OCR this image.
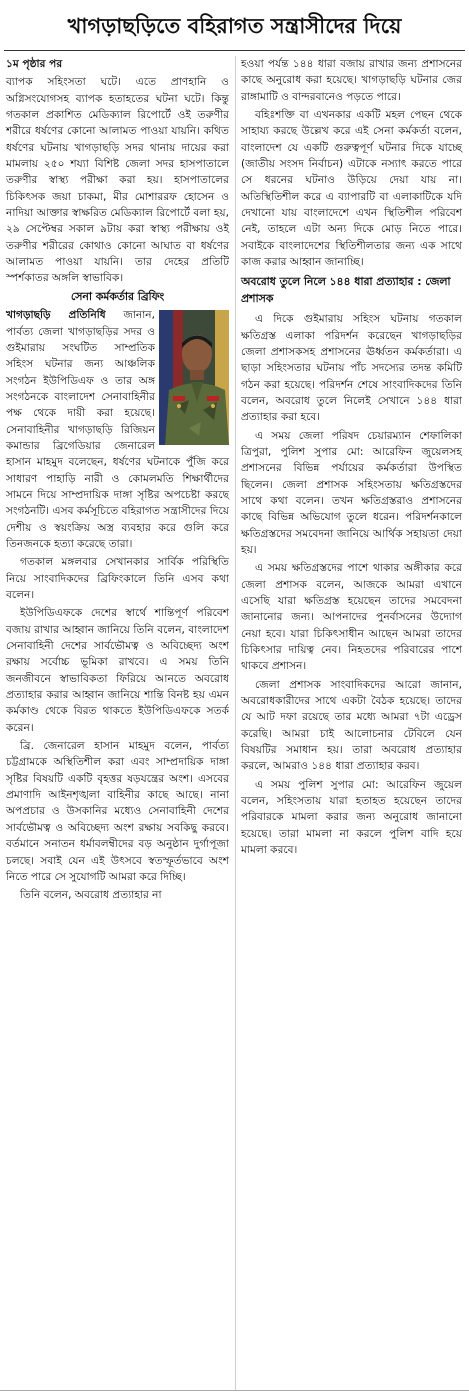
খাগড়াছড়িতে বহিরাগত সন্ত্রাসীদের দিয়ে

১ম পৃষ্ঠার পর

ব্যাপক সহিংসতা ঘটে। এতে প্রাণহানি ও অগ্নিসংযোগসহ ব্যাপক হতাহতের ঘটনা ঘটে। কিন্তু গতকাল প্রকাশিত মেডিক্যাল রিপোর্টে ওই তরুণীর শরীরে ধর্ষণের কোনো আলামত পাওয়া যায়নি। কথিত ধর্ষণের ঘটনায় খাগড়াছড়ি সদর থানায় দায়ের করা মামলায় ২৫০ শয্যা বিশিষ্ট জেলা সদর হাসপাতালে তরুণীর স্বাস্থ্য পরীক্ষা করা হয়। হাসপাতালের চিকিৎসক জয়া চাকমা, মীর মোশাররফ হোসেন ও নাদিয়া আক্তার স্বাক্ষরিত মেডিক্যাল রিপোর্টে বলা হয়, ২৯ সেপ্টেম্বর সকাল ৯টায় করা স্বাস্থ্য পরীক্ষায় ওই তরুণীর শরীরের কোথাও কোনো আঘাত বা ধর্ষণের আলামত পাওয়া যায়নি। তার দেহের প্রতিটি স্পর্শকাতর অঙ্গলি স্বাভাবিক।

সেনা কর্মকর্তার ব্রিফিং

খাগড়াছড়ি প্রতিনিধি জানান, পার্বত্য জেলা খাগড়াছড়ির সদর ও গুইমারায় সংঘটিত সাম্প্রতিক সহিংস ঘটনার জন্য আঞ্চলিক সংগঠন ইউপিডিএফ ও তার অঙ্গ সংগঠনকে বাংলাদেশ সেনাবাহিনীর পক্ষ থেকে দায়ী করা হয়েছে। সেনাবাহিনীর খাগড়াছড়ি রিজিয়ন কমান্ডার ব্রিগেডিয়ার জেনারেল হাসান মাহমুদ বলেছেন, ধর্ষণের ঘটনাকে পুঁজি করে সাধারণ পাহাড়ি নারী ও কোমলমতি শিক্ষার্থীদের সামনে দিয়ে সাম্প্রদায়িক দাঙ্গা সৃষ্টির অপচেষ্টা করছে সংগঠনটি। এসব কর্মসূচিতে বহিরাগত সন্ত্রাসীদের দিয়ে দেশীয় ও স্বয়ংক্রিয় অস্ত্র ব্যবহার করে গুলি করে তিনজনকে হত্যা করেছে তারা।

গতকাল মঙ্গলবার সেখানকার সার্বিক পরিস্থিতি নিয়ে সাংবাদিকদের ব্রিফিংকালে তিনি এসব কথা বলেন।

ইউপিডিএফকে দেশের স্বার্থে শান্তিপূর্ণ পরিবেশ বজায় রাখার আহ্বান জানিয়ে তিনি বলেন, বাংলাদেশ সেনাবাহিনী দেশের সার্বভৌমত্ব ও অবিচ্ছেদ্য অংশ রক্ষায় সর্বোচ্চ ভূমিকা রাখবে। এ সময় তিনি জনজীবনে স্বাভাবিকতা ফিরিয়ে আনতে অবরোধ প্রত্যাহার করার আহ্বান জানিয়ে শান্তি বিনষ্ট হয় এমন কর্মকাণ্ড থেকে বিরত থাকতে ইউপিডিএফকে সতর্ক করেন।

ব্রি. জেনারেল হাসান মাহমুদ বলেন, পার্বত্য চট্টগ্রামকে অস্থিতিশীল করা এবং সাম্প্রদায়িক দাঙ্গা সৃষ্টির বিষয়টি একটি বৃহত্তর ষড়যন্ত্রের অংশ। এসবের প্রমাণাদি আইনশৃঙ্খলা বাহিনীর কাছে আছে। নানা অপপ্রচার ও উসকানির মধ্যেও সেনাবাহিনী দেশের সার্বভৌমত্ব ও অবিচ্ছেদ্য অংশ রক্ষায় সবকিছু করবে। বর্তমানে সনাতন ধর্মাবলম্বীদের বড় অনুষ্ঠান দুর্গাপূজা চলছে। সবাই যেন এই উৎসবে স্বতস্ফূর্তভাবে অংশ নিতে পারে সে সুযোগটি আমরা করে দিচ্ছি।

তিনি বলেন, অবরোধ প্রত্যাহার না

হওয়া পর্যন্ত ১৪৪ ধারা বজায় রাখার জন্য প্রশাসনের কাছে অনুরোধ করা হয়েছে। খাগড়াছড়ি ঘটনার জের রাঙ্গামাটি ও বান্দরবানেও পড়তে পারে।

বহিঃশক্তি বা এখনকার একটি মহল পেছন থেকে সাহায্য করছে উল্লেখ করে এই সেনা কর্মকর্তা বলেন, বাংলাদেশ যে একটি গুরুত্বপূর্ণ ঘটনার দিকে যাচ্ছে (জাতীয় সংসদ নির্বাচন) এটাকে নস্যাৎ করতে পারে সে ধরনের ঘটনাও উড়িয়ে দেয়া যায় না। অতিস্থিতিশীল করে এ ব্যাপারটি বা এলাকাটিকে যদি দেখানো যায় বাংলাদেশে এখন স্থিতিশীল পরিবেশ নেই, তাহলে এটা অন্য দিকে মোড় নিতে পারে। সবাইকে বাংলাদেশের স্থিতিশীলতার জন্য এক সাথে কাজ করার আহ্বান জানাচ্ছি।

অবরোধ তুলে নিলে ১৪৪ ধারা প্রত্যাহার : জেলা প্রশাসক

এ দিকে গুইমারায় সহিংস ঘটনায় গতকাল ক্ষতিগ্রস্ত এলাকা পরিদর্শন করেছেন খাগড়াছড়ির জেলা প্রশাসকসহ প্রশাসনের ঊর্ধ্বতন কর্মকর্তারা। এ ছাড়া সহিংসতার ঘটনায় পাঁচ সদস্যের তদন্ত কমিটি গঠন করা হয়েছে। পরিদর্শন শেষে সাংবাদিকদের তিনি বলেন, অবরোধ তুলে নিলেই সেখানে ১৪৪ ধারা প্রত্যাহার করা হবে।

এ সময় জেলা পরিষদ চেয়ারম্যান শেফালিকা ত্রিপুরা, পুলিশ সুপার মো: আরেফিন জুয়েলসহ প্রশাসনের বিভিন্ন পর্যায়ের কর্মকর্তারা উপস্থিত ছিলেন। জেলা প্রশাসক সহিংসতায় ক্ষতিগ্রস্তদের সাথে কথা বলেন। তখন ক্ষতিগ্রস্তরাও প্রশাসনের কাছে বিভিন্ন অভিযোগ তুলে ধরেন। পরিদর্শনকালে ক্ষতিগ্রস্তদের সমবেদনা জানিয়ে আর্থিক সহায়তা দেয়া হয়।

এ সময় ক্ষতিগ্রস্তদের পাশে থাকার অঙ্গীকার করে জেলা প্রশাসক বলেন, আজকে আমরা এখানে এসেছি যারা ক্ষতিগ্রস্ত হয়েছেন তাদের সমবেদনা জানানোর জন্য। আপনাদের পুনর্বাসনের উদ্যোগ নেয়া হবে। যারা চিকিৎসাধীন আছেন আমরা তাদের চিকিৎসার দায়িত্ব নেব। নিহতদের পরিবারের পাশে থাকবে প্রশাসন।

জেলা প্রশাসক সাংবাদিকদের আরো জানান, অবরোধকারীদের সাথে একটা বৈঠক হয়েছে। তাদের যে আট দফা রয়েছে তার মধ্যে আমরা ৭টা এড্রেস করেছি। আমরা চাই আলোচনার টেবিলে যেন বিষয়টির সমাধান হয়। তারা অবরোধ প্রত্যাহার করলে, আমরাও ১৪৪ ধারা প্রত্যাহার করব।

এ সময় পুলিশ সুপার মো: আরেফিন জুয়েল বলেন, সহিংসতায় যারা হতাহত হয়েছেন তাদের পরিবারকে মামলা করার জন্য অনুরোধ জানানো হয়েছে। তারা মামলা না করলে পুলিশ বাদি হয়ে মামলা করবে।
